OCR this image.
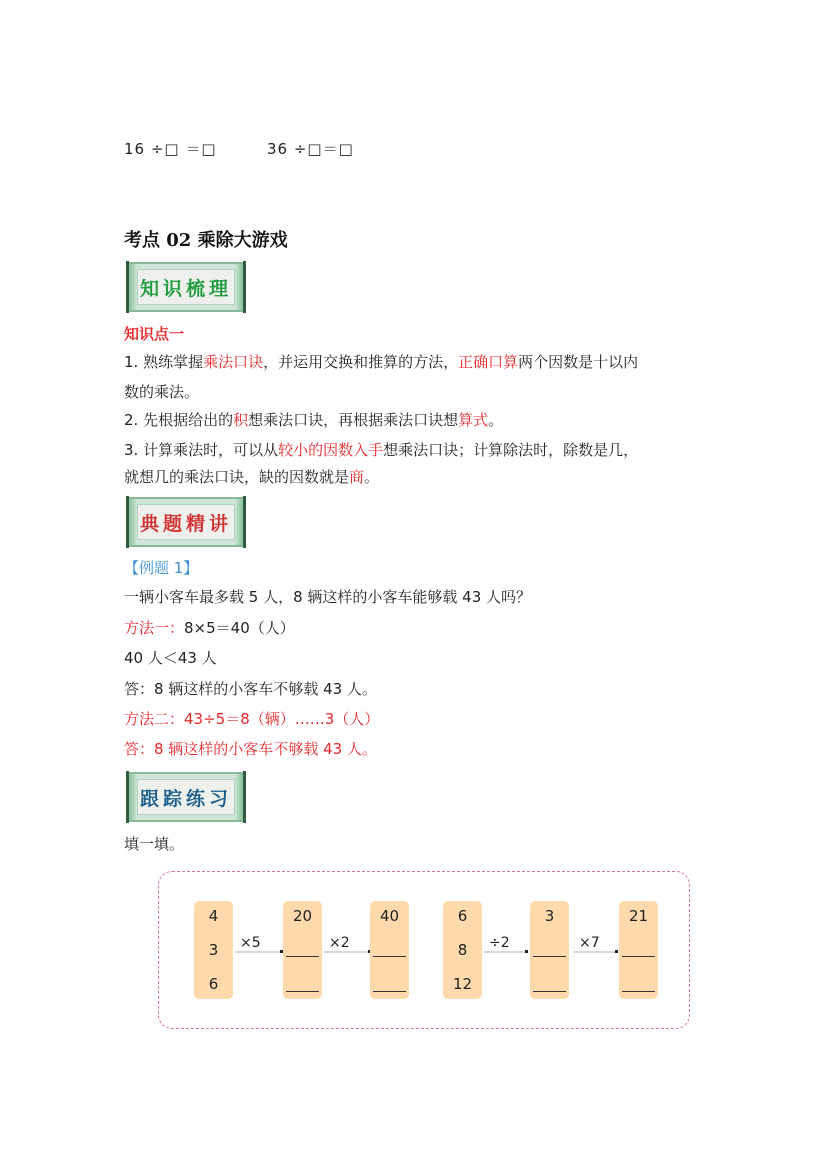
16 ÷□ ＝□	36 ÷□＝□
考点 02 乘除大游戏
知识梳理
知识点一
1. 熟练掌握乘法口诀，并运用交换和推算的方法，正确口算两个因数是十以内
数的乘法。
2. 先根据给出的积想乘法口诀，再根据乘法口诀想算式。
3. 计算乘法时，可以从较小的因数入手想乘法口诀；计算除法时，除数是几，
就想几的乘法口诀，缺的因数就是商。
典题精讲
【例题 1】
一辆小客车最多载 5 人，8 辆这样的小客车能够载 43 人吗？
方法一：8×5＝40（人）
40 人＜43 人
答：8 辆这样的小客车不够载 43 人。
方法二：43÷5＝8（辆）……3（人）
答：8 辆这样的小客车不够载 43 人。
跟踪练习
填一填。
4
3
6
×5
20
×2
40	6
8
12
÷2
3
×7
21
